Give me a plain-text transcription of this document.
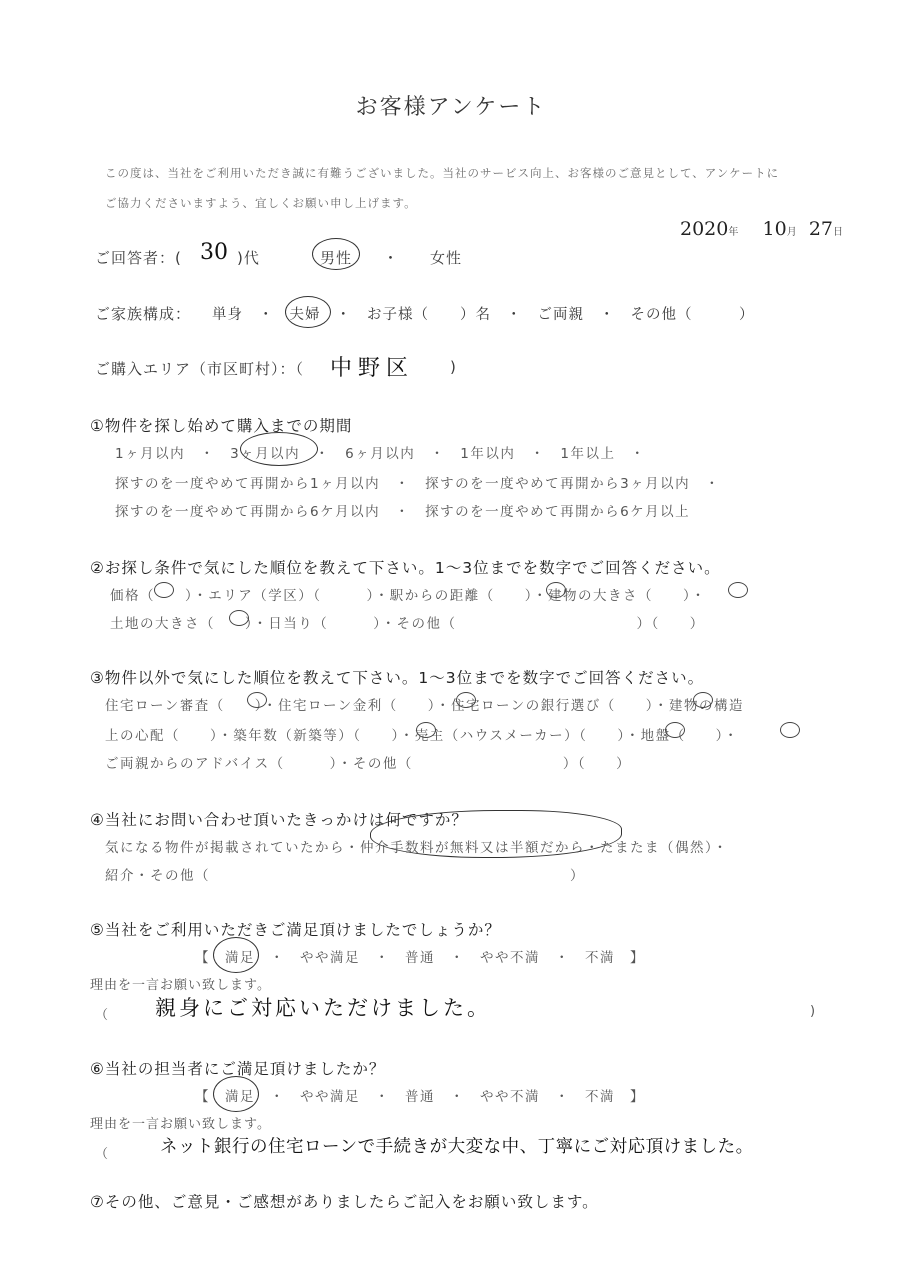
お客様アンケート
この度は、当社をご利用いただき誠に有難うございました。当社のサービス向上、お客様のご意見として、アンケートに
ご協力くださいますよう、宜しくお願い申し上げます。
2020年 10月 27日
ご回答者：( 30 )代	男性 ・ 女性
ご家族構成： 単身　・　夫婦　・　お子様（　　）名　・　ご両親　・　その他（　　　）
ご購入エリア（市区町村）：（ 中野区 )
①物件を探し始めて購入までの期間
1ヶ月以内　・　3ヶ月以内　・　6ヶ月以内　・　1年以内　・　1年以上　・
探すのを一度やめて再開から1ヶ月以内　・　探すのを一度やめて再開から3ヶ月以内　・
探すのを一度やめて再開から6ケ月以内　・　探すのを一度やめて再開から6ケ月以上
②お探し条件で気にした順位を教えて下さい。1〜3位までを数字でご回答ください。
価格（　　）・エリア（学区）（　　　）・駅からの距離（　　）・建物の大きさ（　　）・
土地の大きさ（　　）・日当り（　　　）・その他（　　　　　　　　　　　　）（　　）
③物件以外で気にした順位を教えて下さい。1〜3位までを数字でご回答ください。
住宅ローン審査（　　）・住宅ローン金利（　　）・住宅ローンの銀行選び（　　）・建物の構造
上の心配（　　）・築年数（新築等）（　　）・売主（ハウスメーカー）（　　）・地盤（　　）・
ご両親からのアドバイス（　　　）・その他（　　　　　　　　　　）（　　）
④当社にお問い合わせ頂いたきっかけは何ですか？
気になる物件が掲載されていたから・仲介手数料が無料又は半額だから・たまたま（偶然）・
紹介・その他（　　　　　　　　　　　　　　　　　　　　　　　　）
⑤当社をご利用いただきご満足頂けましたでしょうか？
【　満足　・　やや満足　・　普通　・　やや不満　・　不満　】
理由を一言お願い致します。
（ 親身にご対応いただけました。	)
⑥当社の担当者にご満足頂けましたか？
【　満足　・　やや満足　・　普通　・　やや不満　・　不満　】
理由を一言お願い致します。
（	ネット銀行の住宅ローンで手続きが大変な中、丁寧にご対応頂けました。
⑦その他、ご意見・ご感想がありましたらご記入をお願い致します。
